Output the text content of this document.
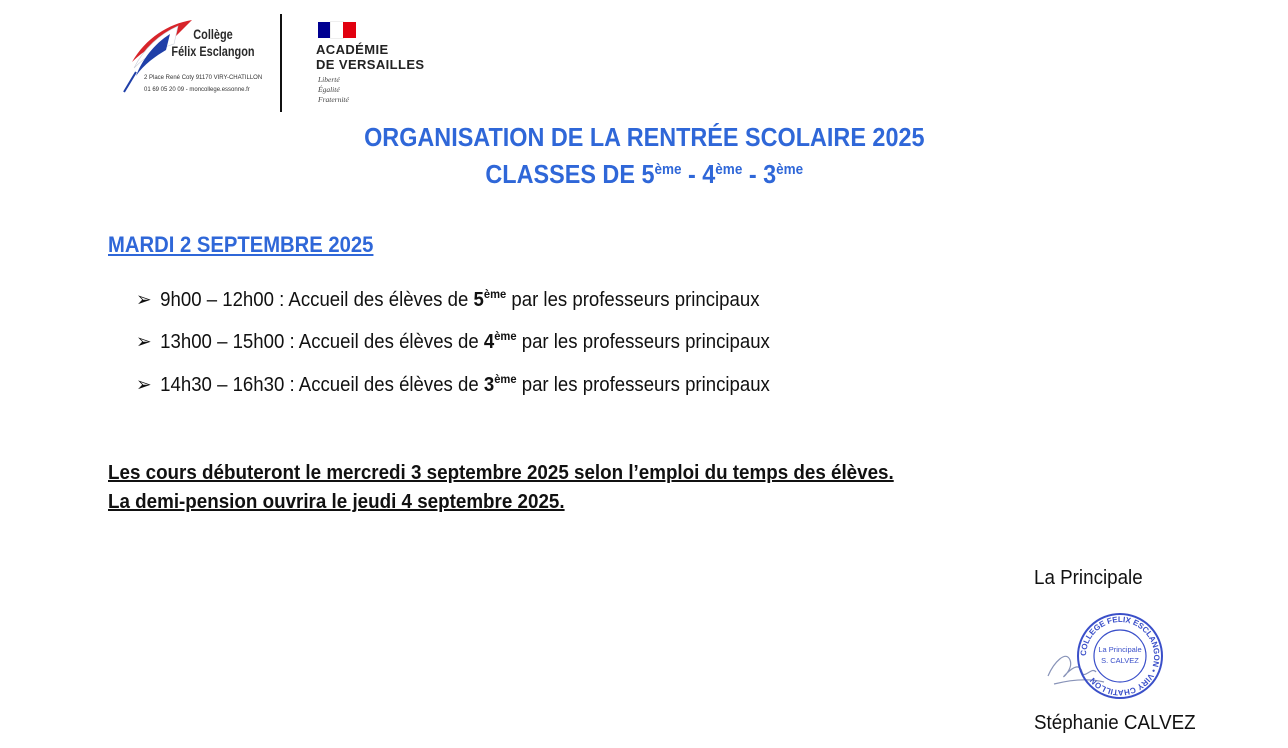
Collège
Félix Esclangon
2 Place René Coty 91170 VIRY-CHATILLON
01 69 05 20 09 - moncollege.essonne.fr
ACADÉMIE
DE VERSAILLES
Liberté
Égalité
Fraternité
ORGANISATION DE LA RENTRÉE SCOLAIRE 2025
CLASSES DE 5ème - 4ème - 3ème
MARDI 2 SEPTEMBRE 2025
➢ 9h00 – 12h00 : Accueil des élèves de 5ème par les professeurs principaux
➢ 13h00 – 15h00 : Accueil des élèves de 4ème par les professeurs principaux
➢ 14h30 – 16h30 : Accueil des élèves de 3ème par les professeurs principaux
Les cours débuteront le mercredi 3 septembre 2025 selon l’emploi du temps des élèves.
La demi-pension ouvrira le jeudi 4 septembre 2025.
La Principale
COLLEGE FELIX ESCLANGON • VIRY CHATILLON
La Principale
S. CALVEZ
Stéphanie CALVEZ
